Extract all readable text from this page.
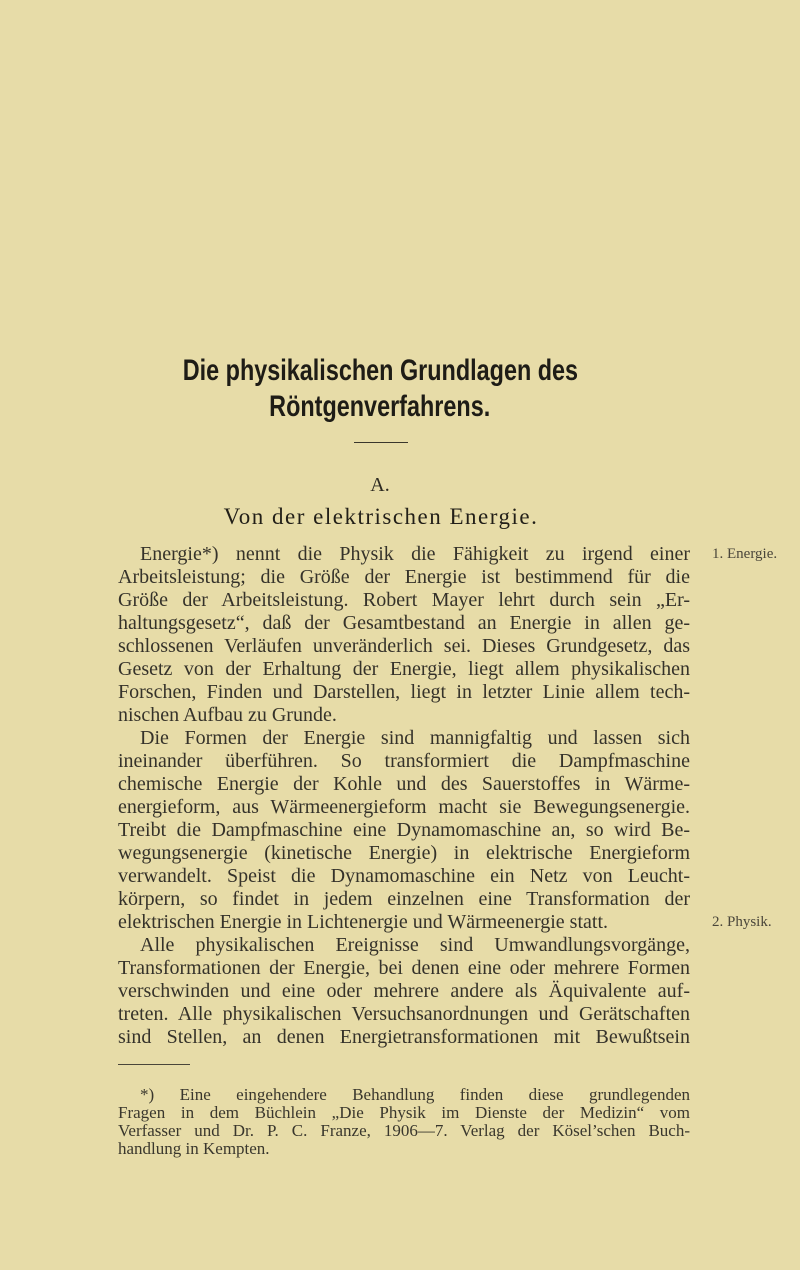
Die physikalischen Grundlagen des
Röntgenverfahrens.
A.
Von der elektrischen Energie.
1. Energie.
2. Physik.
Energie*) nennt die Physik die Fähigkeit zu irgend einer
Arbeitsleistung; die Größe der Energie ist bestimmend für die
Größe der Arbeitsleistung. Robert Mayer lehrt durch sein „Er-
haltungsgesetz“, daß der Gesamtbestand an Energie in allen ge-
schlossenen Verläufen unveränderlich sei. Dieses Grundgesetz, das
Gesetz von der Erhaltung der Energie, liegt allem physikalischen
Forschen, Finden und Darstellen, liegt in letzter Linie allem tech-
nischen Aufbau zu Grunde.
Die Formen der Energie sind mannigfaltig und lassen sich
ineinander überführen. So transformiert die Dampfmaschine
chemische Energie der Kohle und des Sauerstoffes in Wärme-
energieform, aus Wärmeenergieform macht sie Bewegungsenergie.
Treibt die Dampfmaschine eine Dynamomaschine an, so wird Be-
wegungsenergie (kinetische Energie) in elektrische Energieform
verwandelt. Speist die Dynamomaschine ein Netz von Leucht-
körpern, so findet in jedem einzelnen eine Transformation der
elektrischen Energie in Lichtenergie und Wärmeenergie statt.
Alle physikalischen Ereignisse sind Umwandlungsvorgänge,
Transformationen der Energie, bei denen eine oder mehrere Formen
verschwinden und eine oder mehrere andere als Äquivalente auf-
treten. Alle physikalischen Versuchsanordnungen und Gerätschaften
sind Stellen, an denen Energietransformationen mit Bewußtsein
*) Eine eingehendere Behandlung finden diese grundlegenden
Fragen in dem Büchlein „Die Physik im Dienste der Medizin“ vom
Verfasser und Dr. P. C. Franze, 1906—7. Verlag der Kösel’schen Buch-
handlung in Kempten.
